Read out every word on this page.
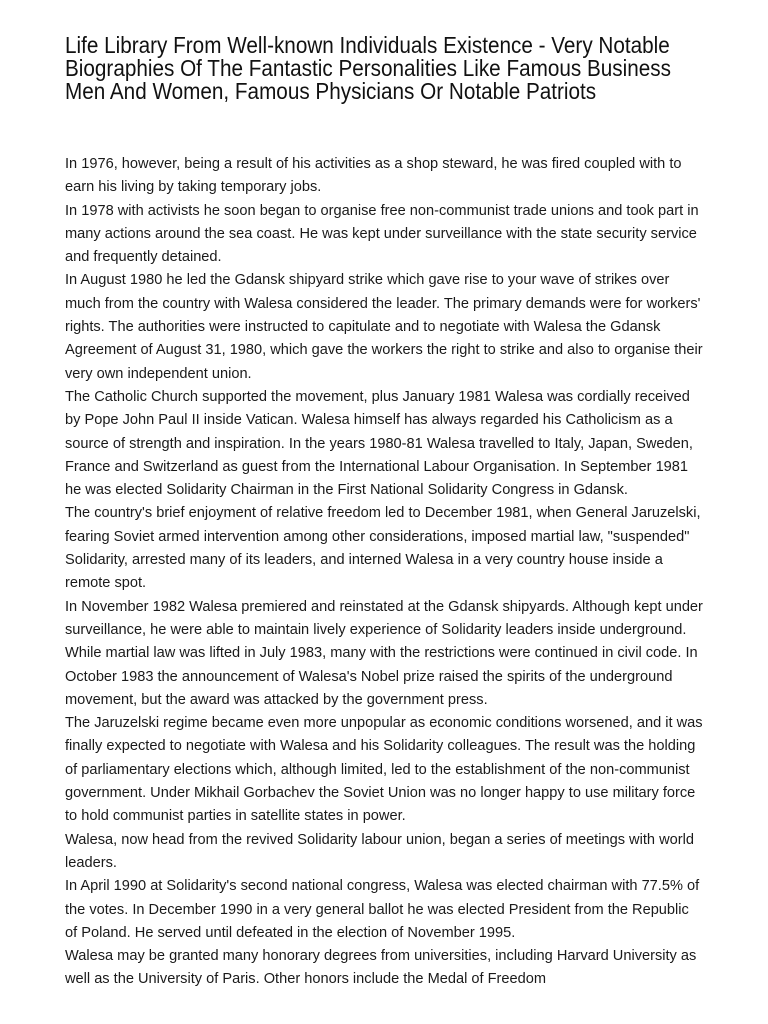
Life Library From Well-known Individuals Existence - Very Notable Biographies Of The Fantastic Personalities Like Famous Business Men And Women, Famous Physicians Or Notable Patriots

In 1976, however, being a result of his activities as a shop steward, he was fired coupled with to earn his living by taking temporary jobs.

In 1978 with activists he soon began to organise free non-communist trade unions and took part in many actions around the sea coast. He was kept under surveillance with the state security service and frequently detained.

In August 1980 he led the Gdansk shipyard strike which gave rise to your wave of strikes over much from the country with Walesa considered the leader. The primary demands were for workers' rights. The authorities were instructed to capitulate and to negotiate with Walesa the Gdansk Agreement of August 31, 1980, which gave the workers the right to strike and also to organise their very own independent union.

The Catholic Church supported the movement, plus January 1981 Walesa was cordially received by Pope John Paul II inside Vatican. Walesa himself has always regarded his Catholicism as a source of strength and inspiration. In the years 1980-81 Walesa travelled to Italy, Japan, Sweden, France and Switzerland as guest from the International Labour Organisation. In September 1981 he was elected Solidarity Chairman in the First National Solidarity Congress in Gdansk.

The country's brief enjoyment of relative freedom led to December 1981, when General Jaruzelski, fearing Soviet armed intervention among other considerations, imposed martial law, "suspended" Solidarity, arrested many of its leaders, and interned Walesa in a very country house inside a remote spot.

In November 1982 Walesa premiered and reinstated at the Gdansk shipyards. Although kept under surveillance, he were able to maintain lively experience of Solidarity leaders inside underground. While martial law was lifted in July 1983, many with the restrictions were continued in civil code. In October 1983 the announcement of Walesa's Nobel prize raised the spirits of the underground movement, but the award was attacked by the government press.

The Jaruzelski regime became even more unpopular as economic conditions worsened, and it was finally expected to negotiate with Walesa and his Solidarity colleagues. The result was the holding of parliamentary elections which, although limited, led to the establishment of the non-communist government. Under Mikhail Gorbachev the Soviet Union was no longer happy to use military force to hold communist parties in satellite states in power.

Walesa, now head from the revived Solidarity labour union, began a series of meetings with world leaders.

In April 1990 at Solidarity's second national congress, Walesa was elected chairman with 77.5% of the votes. In December 1990 in a very general ballot he was elected President from the Republic of Poland. He served until defeated in the election of November 1995.

Walesa may be granted many honorary degrees from universities, including Harvard University as well as the University of Paris. Other honors include the Medal of Freedom
